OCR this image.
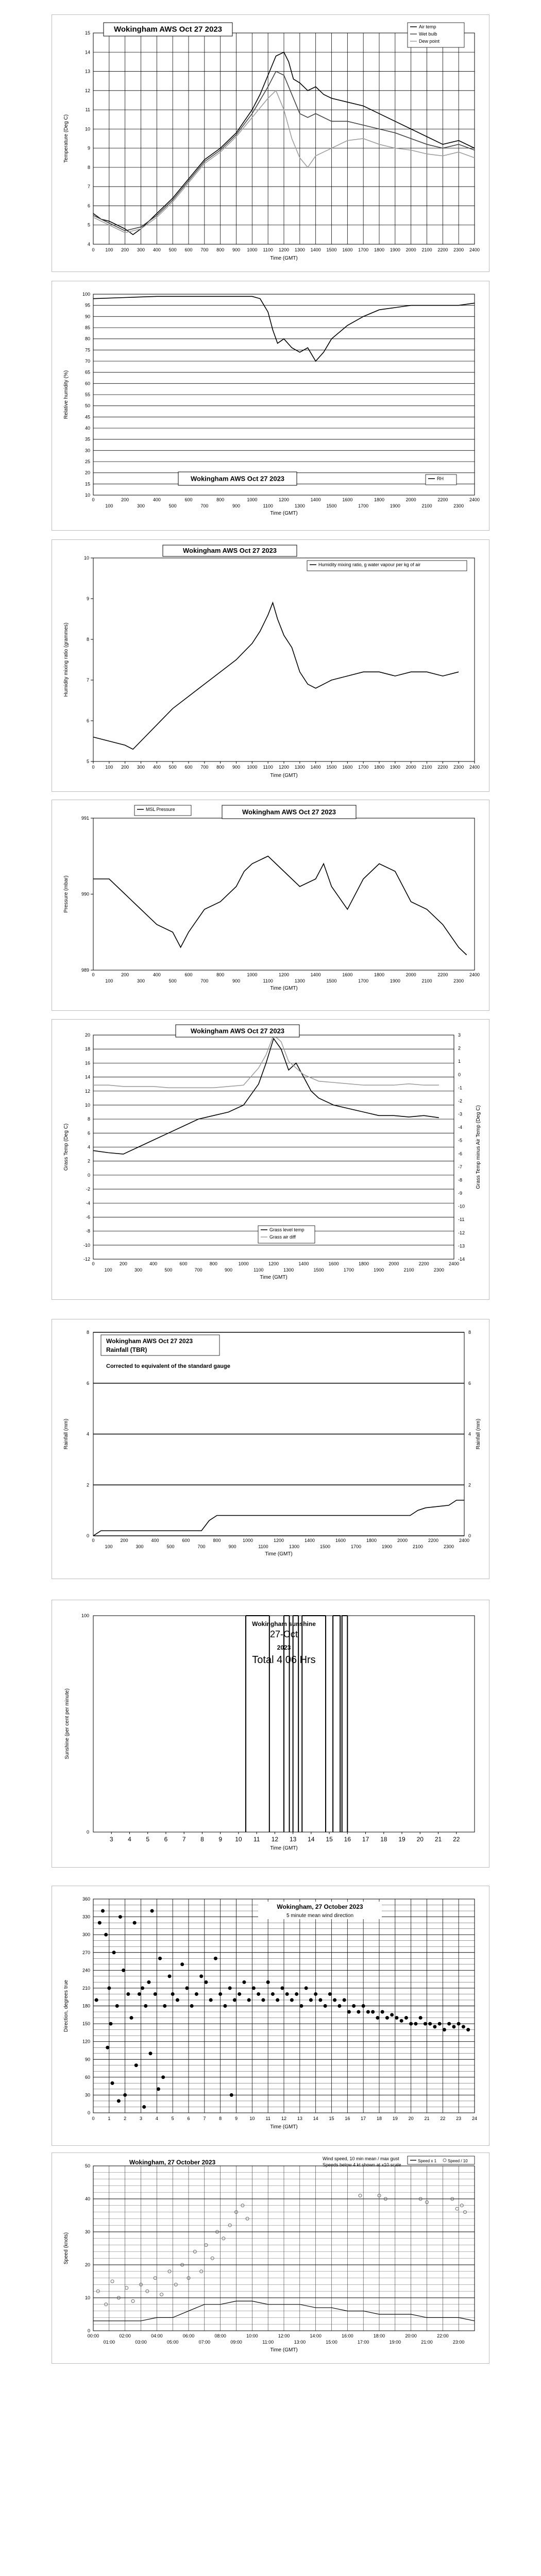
4
5
6
7
8
9
10
11
12
13
14
15
0 100 200 300 400 500 600 700 800 900 1000 1100 1200 1300 1400 1500 1600 1700 1800 1900 2000 2100 2200 2300 2400
Time (GMT)
Temperature (Deg C)
Wokingham AWS Oct 27 2023	Air temp
Wet bulb
Dew point
10
15
20
25
30
35
40
45
50
55
60
65
70
75
80
85
90
95
100
0	200	400	600	800	1000	1200	1400	1600	1800	2000	2200	2400
100	300	500	700	900	1100	1300	1500	1700	1900	2100	2300
Time (GMT)
Relative humidity (%)
Wokingham AWS Oct 27 2023	RH
5
6
7
8
9
10
0 100 200 300 400 500 600 700 800 900 1000 1100 1200 1300 1400 1500 1600 1700 1800 1900 2000 2100 2200 2300 2400
Time (GMT)
Humidity mixing ratio (grammes)
Wokingham AWS Oct 27 2023
Humidity mixing ratio, g water vapour per kg of air
989
990
991
0	200	400	600	800	1000	1200	1400	1600	1800	2000	2200	2400
100	300	500	700	900	1100	1300	1500	1700	1900	2100	2300
Time (GMT)
Pressure (mbar)
MSL Pressure	Wokingham AWS Oct 27 2023
-12
-10
-8
-6
-4
-2
0
2
4
6
8
10
12
14
16
18
20	3
2
1
0
-1
-2
-3
-4
-5
-6
-7
-8
-9
-10
-11
-12
-13
-14
0	200	400	600	800	1000	1200	1400	1600	1800	2000	2200	2400
100	300	500	700	900	1100	1300	1500	1700	1900	2100	2300
Time (GMT)
Grass Temp (Deg C)	Grass Temp minus Air Temp (Deg C)
Wokingham AWS Oct 27 2023
Grass level temp
Grass air diff
0	0
2	2
4	4
6	6
8	8
0	200	400	600	800	1000	1200	1400	1600	1800	2000	2200	2400
100	300	500	700	900	1100	1300	1500	1700	1900	2100	2300
Time (GMT)
Rainfall (mm)	Rainfall (mm)
Wokingham AWS Oct 27 2023
Rainfall (TBR)
Corrected to equivalent of the standard gauge
0
100
3 4 5 6 7 8 9 10 11 12 13 14 15 16 17 18 19 20 21 22
Time (GMT)
Sunshine (per cent per minute)
Wokingham sunshine
27-Oct
2023
Total 4.06 Hrs
0
30
60
90
120
150
180
210
240
270
300
330
360
0	1	2	3	4	5	6	7	8	9	10 11 12 13 14 15 16 17 18 19 20 21 22 23 24
Time (GMT)
Direction, degrees true
Wokingham, 27 October 2023
5 minute mean wind direction
0
10
20
30
40
50
00:00	02:00	04:00	06:00	08:00	10:00	12:00	14:00	16:00	18:00	20:00	22:00
01:00	03:00	05:00	07:00	09:00	11:00	13:00	15:00	17:00	19:00	21:00	23:00
Time (GMT)
Speed (knots)
Wokingham, 27 October 2023	Wind speed, 10 min mean / max gust
Speeds below 4 kt shown at x10 scale
Speed x 1	Speed / 10
